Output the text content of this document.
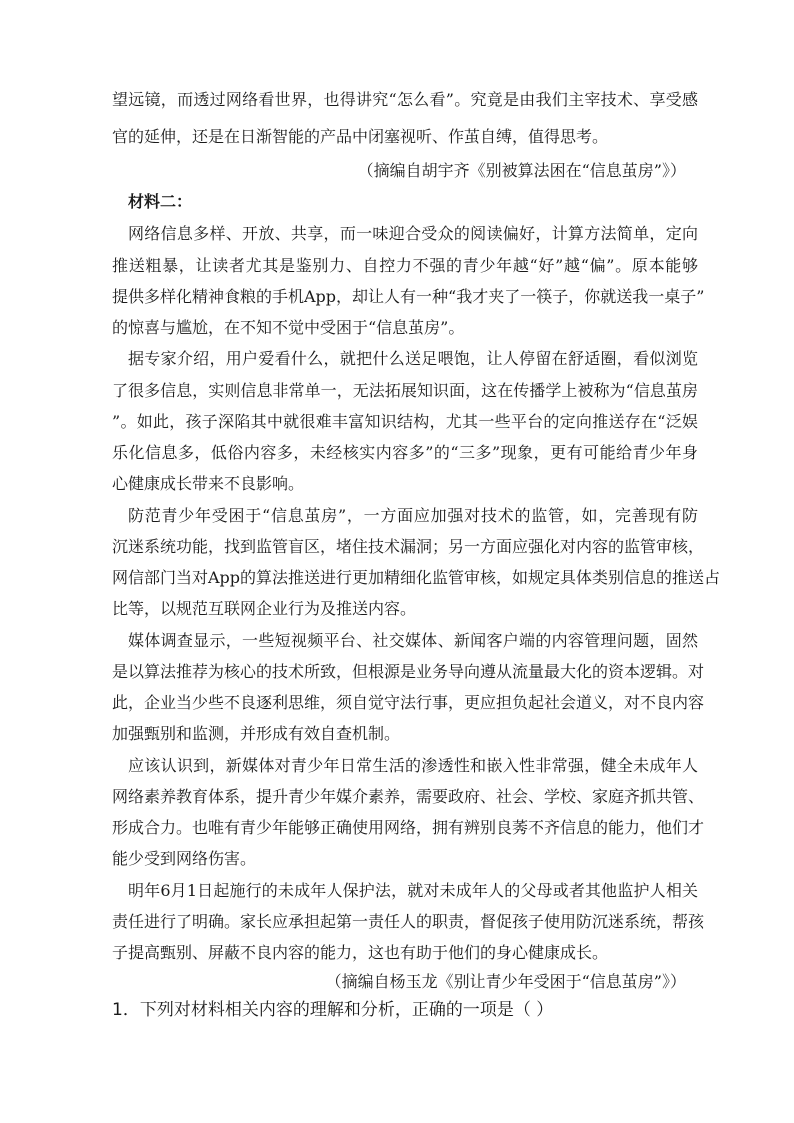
望远镜，而透过网络看世界，也得讲究“怎么看”。究竟是由我们主宰技术、享受感
官的延伸，还是在日渐智能的产品中闭塞视听、作茧自缚，值得思考。
（摘编自胡宇齐《别被算法困在“信息茧房”》）
材料二：
网络信息多样、开放、共享，而一味迎合受众的阅读偏好，计算方法简单，定向
推送粗暴，让读者尤其是鉴别力、自控力不强的青少年越“好”越“偏”。原本能够
提供多样化精神食粮的手机App，却让人有一种“我才夹了一筷子，你就送我一桌子”
的惊喜与尴尬，在不知不觉中受困于“信息茧房”。
据专家介绍，用户爱看什么，就把什么送足喂饱，让人停留在舒适圈，看似浏览
了很多信息，实则信息非常单一，无法拓展知识面，这在传播学上被称为“信息茧房
”。如此，孩子深陷其中就很难丰富知识结构，尤其一些平台的定向推送存在“泛娱
乐化信息多，低俗内容多，未经核实内容多”的“三多”现象，更有可能给青少年身
心健康成长带来不良影响。
防范青少年受困于“信息茧房”，一方面应加强对技术的监管，如，完善现有防
沉迷系统功能，找到监管盲区，堵住技术漏洞；另一方面应强化对内容的监管审核，
网信部门当对App的算法推送进行更加精细化监管审核，如规定具体类别信息的推送占
比等，以规范互联网企业行为及推送内容。
媒体调查显示，一些短视频平台、社交媒体、新闻客户端的内容管理问题，固然
是以算法推荐为核心的技术所致，但根源是业务导向遵从流量最大化的资本逻辑。对
此，企业当少些不良逐利思维，须自觉守法行事，更应担负起社会道义，对不良内容
加强甄别和监测，并形成有效自查机制。
应该认识到，新媒体对青少年日常生活的渗透性和嵌入性非常强，健全未成年人
网络素养教育体系，提升青少年媒介素养，需要政府、社会、学校、家庭齐抓共管、
形成合力。也唯有青少年能够正确使用网络，拥有辨别良莠不齐信息的能力，他们才
能少受到网络伤害。
明年6月1日起施行的未成年人保护法，就对未成年人的父母或者其他监护人相关
责任进行了明确。家长应承担起第一责任人的职责，督促孩子使用防沉迷系统，帮孩
子提高甄别、屏蔽不良内容的能力，这也有助于他们的身心健康成长。
（摘编自杨玉龙《别让青少年受困于“信息茧房”》）
1．下列对材料相关内容的理解和分析，正确的一项是（ ）
